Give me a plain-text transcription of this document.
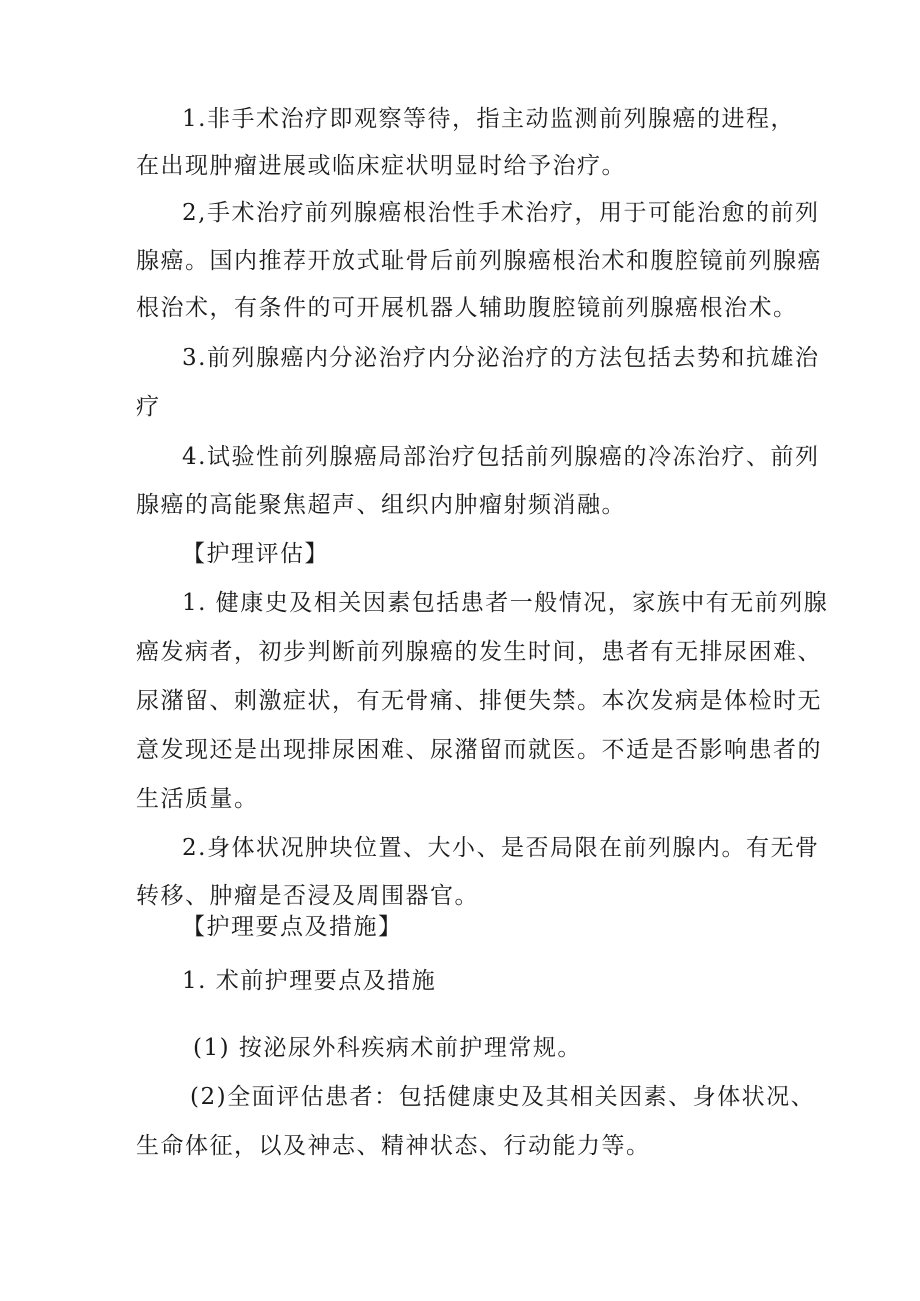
1.非手术治疗即观察等待，指主动监测前列腺癌的进程，
在出现肿瘤进展或临床症状明显时给予治疗。
2,手术治疗前列腺癌根治性手术治疗，用于可能治愈的前列
腺癌。国内推荐开放式耻骨后前列腺癌根治术和腹腔镜前列腺癌
根治术，有条件的可开展机器人辅助腹腔镜前列腺癌根治术。
3.前列腺癌内分泌治疗内分泌治疗的方法包括去势和抗雄治
疗
4.试验性前列腺癌局部治疗包括前列腺癌的冷冻治疗、前列
腺癌的高能聚焦超声、组织内肿瘤射频消融。
【护理评估】
1. 健康史及相关因素包括患者一般情况，家族中有无前列腺
癌发病者，初步判断前列腺癌的发生时间，患者有无排尿困难、
尿潴留、刺激症状，有无骨痛、排便失禁。本次发病是体检时无
意发现还是出现排尿困难、尿潴留而就医。不适是否影响患者的
生活质量。
2.身体状况肿块位置、大小、是否局限在前列腺内。有无骨
转移、肿瘤是否浸及周围器官。
【护理要点及措施】
1. 术前护理要点及措施
(1) 按泌尿外科疾病术前护理常规。
(2)全面评估患者：包括健康史及其相关因素、身体状况、
生命体征，以及神志、精神状态、行动能力等。
